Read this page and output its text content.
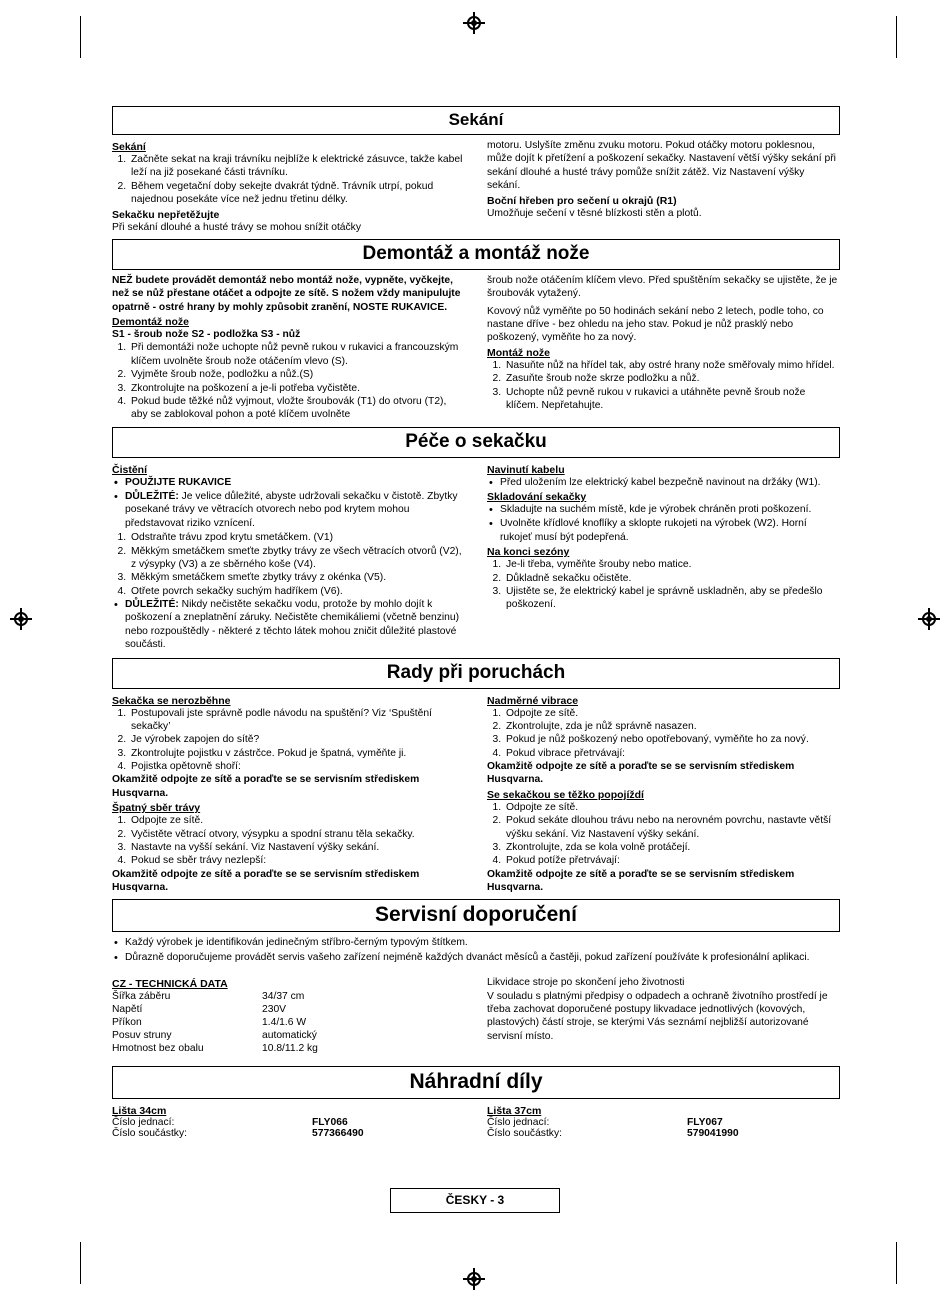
Sekání
Sekání
1. Začněte sekat na kraji trávníku nejblíže k elektrické zásuvce, takže kabel leží na již posekané části trávníku.
2. Během vegetační doby sekejte dvakrát týdně. Trávník utrpí, pokud najednou posekáte více než jednu třetinu délky.
Sekačku nepřetěžujte
Při sekání dlouhé a husté trávy se mohou snížit otáčky
motoru. Uslyšíte změnu zvuku motoru. Pokud otáčky motoru poklesnou, může dojít k přetížení a poškození sekačky. Nastavení větší výšky sekání při sekání dlouhé a husté trávy pomůže snížit zátěž. Viz Nastavení výšky sekání.
Boční hřeben pro sečení u okrajů (R1)
Umožňuje sečení v těsné blízkosti stěn a plotů.
Demontáž a montáž nože
NEŽ budete provádět demontáž nebo montáž nože, vypněte, vyčkejte, než se nůž přestane otáčet a odpojte ze sítě. S nožem vždy manipulujte opatrně - ostré hrany by mohly způsobit zranění, NOSTE RUKAVICE.
Demontáž nože
S1 - šroub nože S2 - podložka S3 - nůž
1. Při demontáži nože uchopte nůž pevně rukou v rukavici a francouzským klíčem uvolněte šroub nože otáčením vlevo (S).
2. Vyjměte šroub nože, podložku a nůž.(S)
3. Zkontrolujte na poškození a je-li potřeba vyčistěte.
4. Pokud bude těžké nůž vyjmout, vložte šroubovák (T1) do otvoru (T2), aby se zablokoval pohon a poté klíčem uvolněte
šroub nože otáčením klíčem vlevo. Před spuštěním sekačky se ujistěte, že je šroubovák vytažený.
Kovový nůž vyměňte po 50 hodinách sekání nebo 2 letech, podle toho, co nastane dříve - bez ohledu na jeho stav. Pokud je nůž prasklý nebo poškozený, vyměňte ho za nový.
Montáž nože
1. Nasuňte nůž na hřídel tak, aby ostré hrany nože směřovaly mimo hřídel.
2. Zasuňte šroub nože skrze podložku a nůž.
3. Uchopte nůž pevně rukou v rukavici a utáhněte pevně šroub nože klíčem. Nepřetahujte.
Péče o sekačku
Čistění
• POUŽIJTE RUKAVICE
• DŮLEŽITÉ: Je velice důležité, abyste udržovali sekačku v čistotě. Zbytky posekané trávy ve větracích otvorech nebo pod krytem mohou představovat riziko vznícení.
1. Odstraňte trávu zpod krytu smetáčkem. (V1)
2. Měkkým smetáčkem smeťte zbytky trávy ze všech větracích otvorů (V2), z výsypky (V3) a ze sběrného koše (V4).
3. Měkkým smetáčkem smeťte zbytky trávy z okénka (V5).
4. Otřete povrch sekačky suchým hadříkem (V6).
• DŮLEŽITÉ: Nikdy nečistěte sekačku vodu, protože by mohlo dojít k poškození a zneplatnění záruky. Nečistěte chemikáliemi (včetně benzinu) nebo rozpouštědly - některé z těchto látek mohou zničit důležité plastové součásti.
Navinutí kabelu
• Před uložením lze elektrický kabel bezpečně navinout na držáky (W1).
Skladování sekačky
• Skladujte na suchém místě, kde je výrobek chráněn proti poškození.
• Uvolněte křídlové knoflíky a sklopte rukojeti na výrobek (W2). Horní rukojeť musí být podepřená.
Na konci sezóny
1. Je-li třeba, vyměňte šrouby nebo matice.
2. Důkladně sekačku očistěte.
3. Ujistěte se, že elektrický kabel je správně uskladněn, aby se předešlo poškození.
Rady při poruchách
Sekačka se nerozběhne
1. Postupovali jste správně podle návodu na spuštění? Viz ‘Spuštění sekačky’
2. Je výrobek zapojen do sítě?
3. Zkontrolujte pojistku v zástrčce. Pokud je špatná, vyměňte ji.
4. Pojistka opětovně shoří:
Okamžitě odpojte ze sítě a poraďte se se servisním střediskem Husqvarna.
Špatný sběr trávy
1. Odpojte ze sítě.
2. Vyčistěte větrací otvory, výsypku a spodní stranu těla sekačky.
3. Nastavte na vyšší sekání. Viz Nastavení výšky sekání.
4. Pokud se sběr trávy nezlepší:
Okamžitě odpojte ze sítě a poraďte se se servisním střediskem Husqvarna.
Nadměrné vibrace
1. Odpojte ze sítě.
2. Zkontrolujte, zda je nůž správně nasazen.
3. Pokud je nůž poškozený nebo opotřebovaný, vyměňte ho za nový.
4. Pokud vibrace přetrvávají:
Okamžitě odpojte ze sítě a poraďte se se servisním střediskem Husqvarna.
Se sekačkou se těžko popojíždí
1. Odpojte ze sítě.
2. Pokud sekáte dlouhou trávu nebo na nerovném povrchu, nastavte větší výšku sekání. Viz Nastavení výšky sekání.
3. Zkontrolujte, zda se kola volně protáčejí.
4. Pokud potíže přetrvávají:
Okamžitě odpojte ze sítě a poraďte se se servisním střediskem Husqvarna.
Servisní doporučení
• Každý výrobek je identifikován jedinečným stříbro-černým typovým štítkem.
• Důrazně doporučujeme provádět servis vašeho zařízení nejméně každých dvanáct měsíců a častěji, pokud zařízení používáte k profesionální aplikaci.
CZ - TECHNICKÁ DATA
Šířka záběru	34/37 cm
Napětí	230V
Příkon	1.4/1.6 W
Posuv struny	automatický
Hmotnost bez obalu	10.8/11.2 kg
Likvidace stroje po skončení jeho životnosti
V souladu s platnými předpisy o odpadech a ochraně životního prostředí je třeba zachovat doporučené postupy likvadace jednotlivých (kovových, plastových) částí stroje, se kterými Vás seznámí nejbližší autorizované servisní místo.
Náhradní díly
Lišta 34cm
Číslo jednací:	FLY066
Číslo součástky:	577366490
Lišta 37cm
Číslo jednací:	FLY067
Číslo součástky:	579041990
ČESKY - 3
